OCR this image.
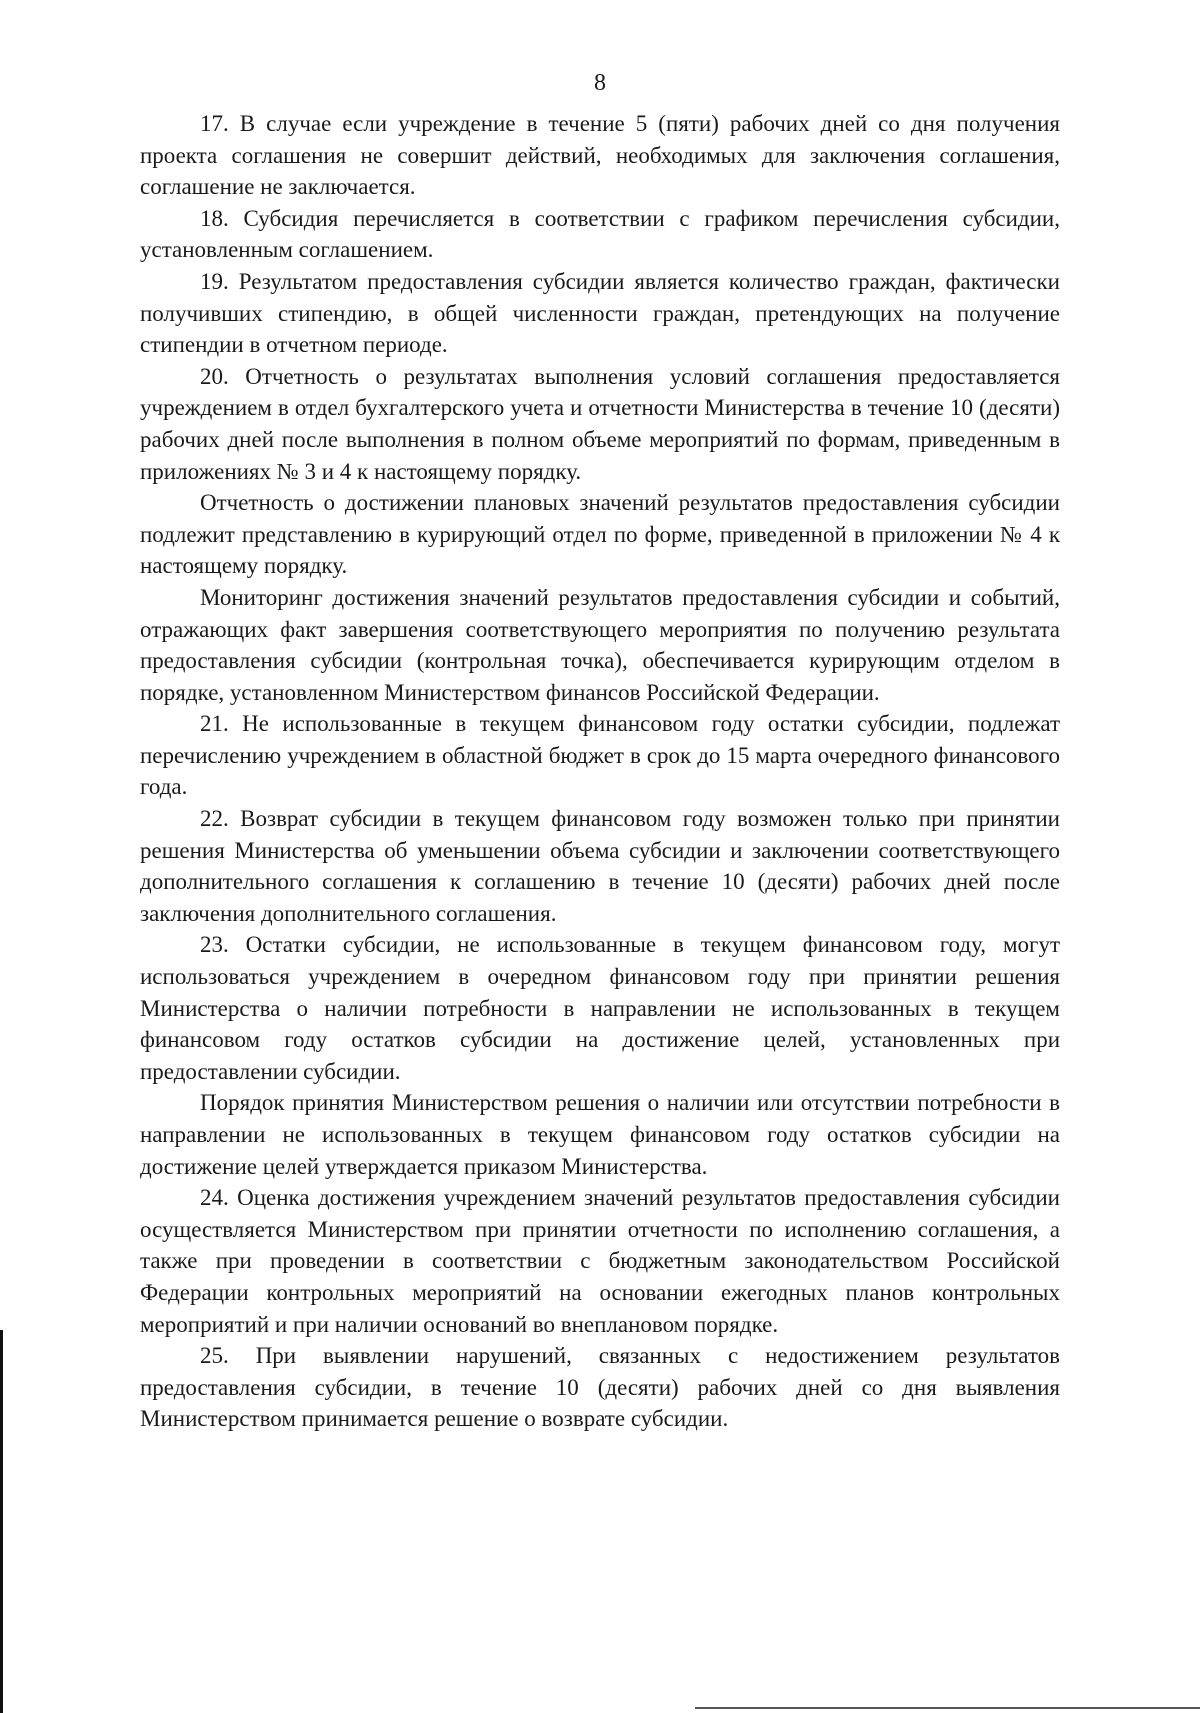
8

17. В случае если учреждение в течение 5 (пяти) рабочих дней со дня получения проекта соглашения не совершит действий, необходимых для заключения соглашения, соглашение не заключается.

18. Субсидия перечисляется в соответствии с графиком перечисления субсидии, установленным соглашением.

19. Результатом предоставления субсидии является количество граждан, фактически получивших стипендию, в общей численности граждан, претендующих на получение стипендии в отчетном периоде.

20. Отчетность о результатах выполнения условий соглашения предоставляется учреждением в отдел бухгалтерского учета и отчетности Министерства в течение 10 (десяти) рабочих дней после выполнения в полном объеме мероприятий по формам, приведенным в приложениях № 3 и 4 к настоящему порядку.

Отчетность о достижении плановых значений результатов предоставления субсидии подлежит представлению в курирующий отдел по форме, приведенной в приложении № 4 к настоящему порядку.

Мониторинг достижения значений результатов предоставления субсидии и событий, отражающих факт завершения соответствующего мероприятия по получению результата предоставления субсидии (контрольная точка), обеспечивается курирующим отделом в порядке, установленном Министерством финансов Российской Федерации.

21. Не использованные в текущем финансовом году остатки субсидии, подлежат перечислению учреждением в областной бюджет в срок до 15 марта очередного финансового года.

22. Возврат субсидии в текущем финансовом году возможен только при принятии решения Министерства об уменьшении объема субсидии и заключении соответствующего дополнительного соглашения к соглашению в течение 10 (десяти) рабочих дней после заключения дополнительного соглашения.

23. Остатки субсидии, не использованные в текущем финансовом году, могут использоваться учреждением в очередном финансовом году при принятии решения Министерства о наличии потребности в направлении не использованных в текущем финансовом году остатков субсидии на достижение целей, установленных при предоставлении субсидии.

Порядок принятия Министерством решения о наличии или отсутствии потребности в направлении не использованных в текущем финансовом году остатков субсидии на достижение целей утверждается приказом Министерства.

24. Оценка достижения учреждением значений результатов предоставления субсидии осуществляется Министерством при принятии отчетности по исполнению соглашения, а также при проведении в соответствии с бюджетным законодательством Российской Федерации контрольных мероприятий на основании ежегодных планов контрольных мероприятий и при наличии оснований во внеплановом порядке.

25. При выявлении нарушений, связанных с недостижением результатов предоставления субсидии, в течение 10 (десяти) рабочих дней со дня выявления Министерством принимается решение о возврате субсидии.
